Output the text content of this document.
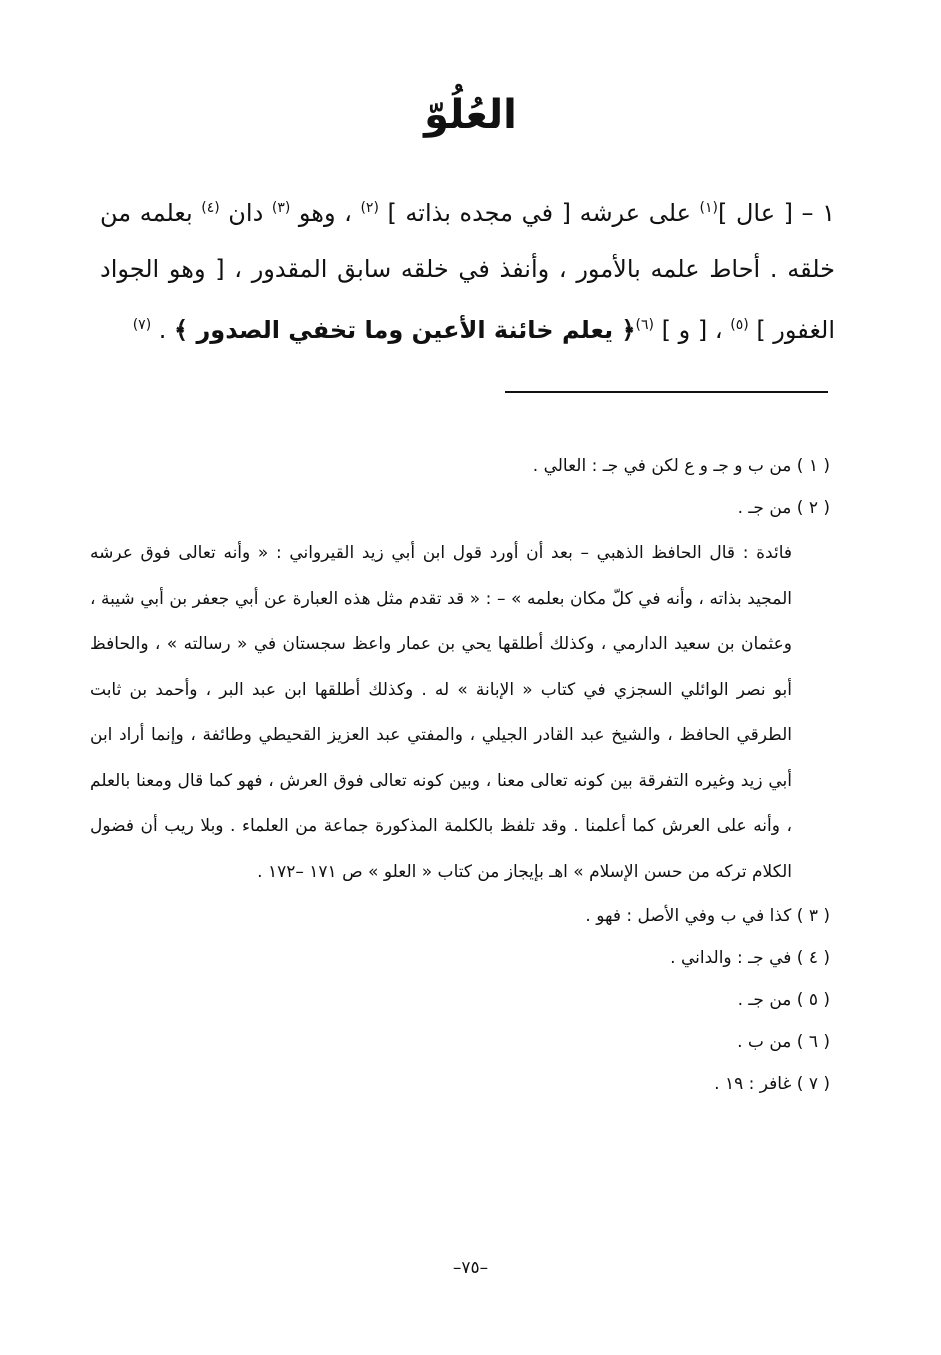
العُلُوّ
١ – [ عال ]$^{(١)}$ على عرشه [ في مجده بذاته ] $^{(٢)}$ ، وهو $^{(٣)}$ دان $^{(٤)}$ بعلمه من خلقه . أحاط علمه بالأمور ، وأنفذ في خلقه سابق المقدور ، [ وهو الجواد الغفور ] $^{(٥)}$ ، [ و ] $^{(٦)}$﴿ يعلم خائنة الأعين وما تخفي الصدور ﴾ . $^{(٧)}$
( ١ ) من ب و جـ و ع لكن في جـ : العالي .
( ٢ ) من جـ .
فائدة : قال الحافظ الذهبي – بعد أن أورد قول ابن أبي زيد القيرواني : « وأنه تعالى فوق عرشه المجيد بذاته ، وأنه في كلّ مكان بعلمه » – : « قد تقدم مثل هذه العبارة عن أبي جعفر بن أبي شيبة ، وعثمان بن سعيد الدارمي ، وكذلك أطلقها يحي بن عمار واعظ سجستان في « رسالته » ، والحافظ أبو نصر الوائلي السجزي في كتاب « الإبانة » له . وكذلك أطلقها ابن عبد البر ، وأحمد بن ثابت الطرقي الحافظ ، والشيخ عبد القادر الجيلي ، والمفتي عبد العزيز القحيطي وطائفة ، وإنما أراد ابن أبي زيد وغيره التفرقة بين كونه تعالى معنا ، وبين كونه تعالى فوق العرش ، فهو كما قال ومعنا بالعلم ، وأنه على العرش كما أعلمنا . وقد تلفظ بالكلمة المذكورة جماعة من العلماء . وبلا ريب أن فضول الكلام تركه من حسن الإسلام » اهـ بإيجاز من كتاب « العلو » ص ١٧١ –١٧٢ .
( ٣ ) كذا في ب وفي الأصل : فهو .
( ٤ ) في جـ : والداني .
( ٥ ) من جـ .
( ٦ ) من ب .
( ٧ ) غافر : ١٩ .
–٧٥–
